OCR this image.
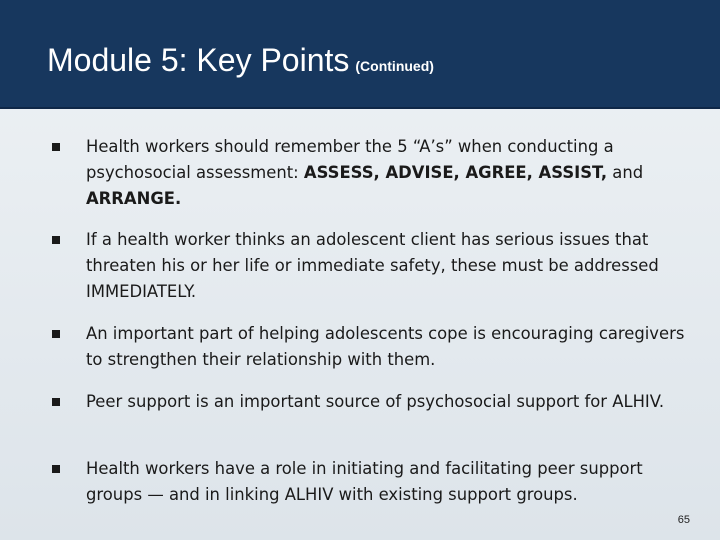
Module 5: Key Points (Continued)

Health workers should remember the 5 “A’s” when conducting a psychosocial assessment: ASSESS, ADVISE, AGREE, ASSIST, and ARRANGE.

If a health worker thinks an adolescent client has serious issues that threaten his or her life or immediate safety, these must be addressed IMMEDIATELY.

An important part of helping adolescents cope is encouraging caregivers to strengthen their relationship with them.

Peer support is an important source of psychosocial support for ALHIV.

Health workers have a role in initiating and facilitating peer support groups — and in linking ALHIV with existing support groups.

65
